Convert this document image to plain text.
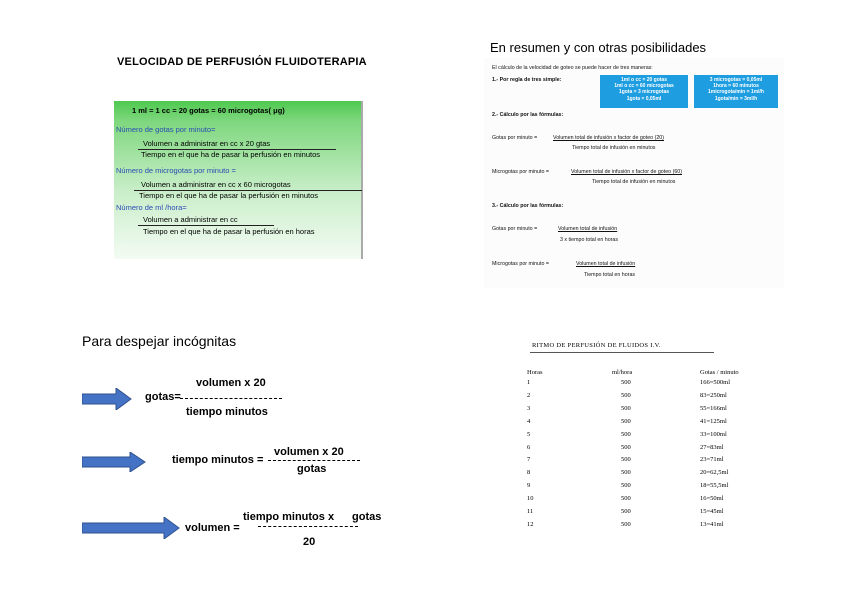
VELOCIDAD DE PERFUSIÓN FLUIDOTERAPIA
1 ml = 1 cc = 20 gotas = 60 microgotas( μg)
Número de gotas por minuto=
Volumen a administrar en cc x 20 gtas
Tiempo en el que ha de pasar la perfusión en minutos
Número de microgotas por minuto =
Volumen a administrar en cc x 60 microgotas
Tiempo en el que ha de pasar la perfusión en minutos
Número de ml /hora=
Volumen a administrar en cc
Tiempo en el que ha de pasar la perfusión en horas
En resumen y con otras posibilidades
El cálculo de la velocidad de goteo se puede hacer de tres maneras:
1.- Por regla de tres simple:	1ml o cc = 20 gotas
1ml o cc = 60 microgotas
1gota = 3 microgotas
1gota = 0,05ml
3 microgotas = 0,05ml
1hora = 60 minutos
1microgota/min = 1ml/h
1gota/min = 3ml/h
2.- Cálculo por las fórmulas:
Gotas por minuto =	Volumen total de infusión x factor de goteo (20)
Tiempo total de infusión en minutos
Microgotas por minuto =	Volumen total de infusión x factor de goteo (60)
Tiempo total de infusión en minutos
3.- Cálculo por las fórmulas:
Gotas por minuto =	Volumen total de infusión
3 x tiempo total en horas
Microgotas por minuto =	Volumen total de infusión
Tiempo total en horas
Para despejar incógnitas
volumen x 20
gotas=
tiempo minutos
volumen x 20
tiempo minutos =
gotas
tiempo minutos x gotas
volumen =
20
RITMO DE PERFUSIÓN DE FLUIDOS I.V.
Horas	ml/hora	Gotas / minuto
1	500	166=500ml
2	500	83=250ml
3	500	55=166ml
4	500	41=125ml
5	500	33=100ml
6	500	27=83ml
7	500	23=71ml
8	500	20=62,5ml
9	500	18=55,5ml
10	500	16=50ml
11	500	15=45ml
12	500	13=41ml
